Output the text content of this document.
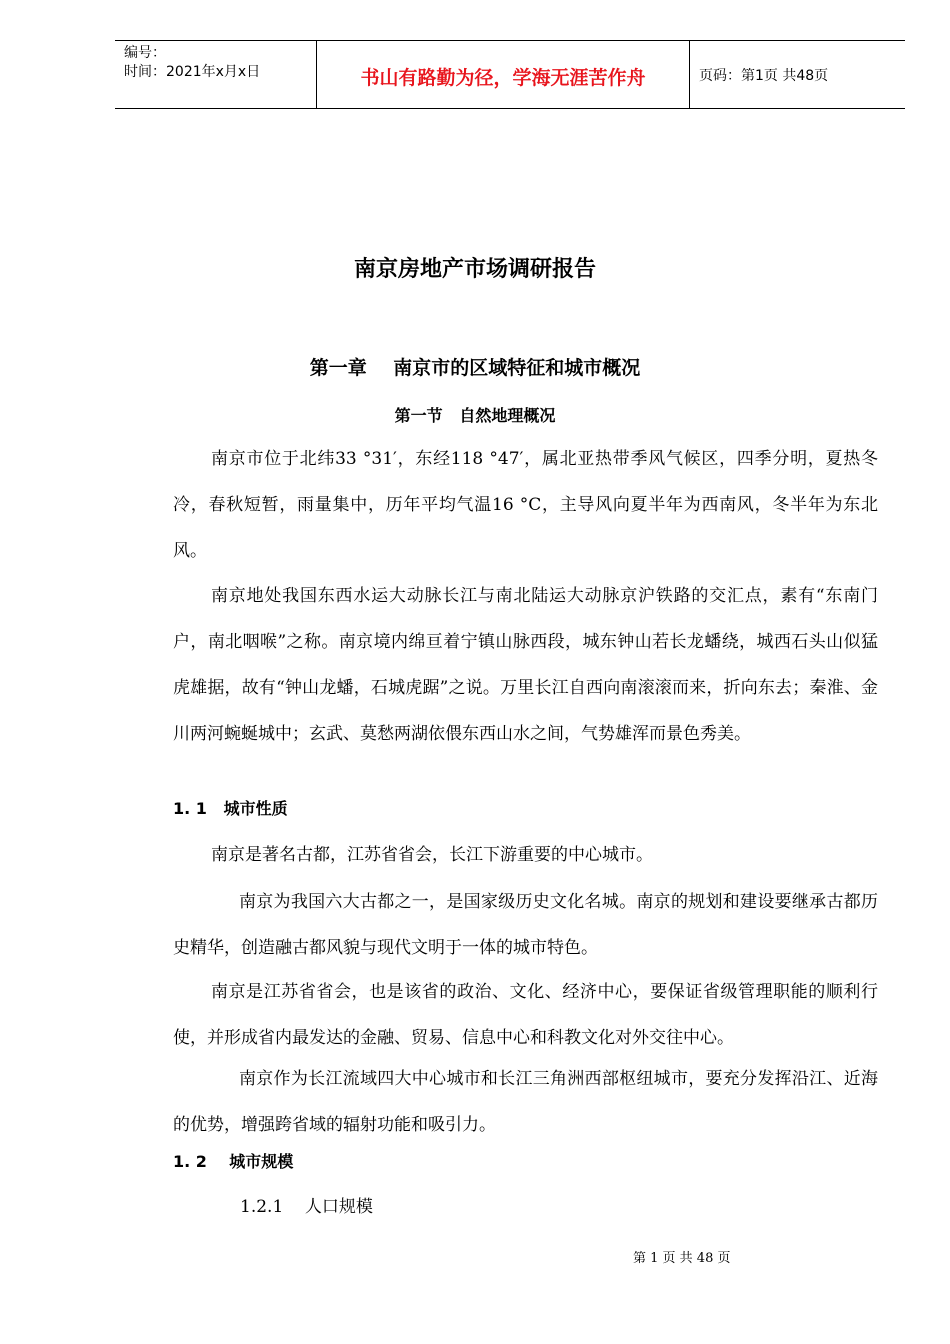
编号：
时间：2021年x月x日	书山有路勤为径，学海无涯苦作舟	页码：第1页 共48页
南京房地产市场调研报告
第一章    南京市的区域特征和城市概况
第一节   自然地理概况

南京市位于北纬33 °31′，东经118 °47′，属北亚热带季风气候区，四季分明，夏热冬冷，春秋短暂，雨量集中，历年平均气温16 °C，主导风向夏半年为西南风，冬半年为东北风。

南京地处我国东西水运大动脉长江与南北陆运大动脉京沪铁路的交汇点，素有“东南门户，南北咽喉”之称。南京境内绵亘着宁镇山脉西段，城东钟山若长龙蟠绕，城西石头山似猛虎雄据，故有“钟山龙蟠，石城虎踞”之说。万里长江自西向南滚滚而来，折向东去；秦淮、金川两河蜿蜒城中；玄武、莫愁两湖依偎东西山水之间，气势雄浑而景色秀美。

1. 1   城市性质

南京是著名古都，江苏省省会，长江下游重要的中心城市。

南京为我国六大古都之一，是国家级历史文化名城。南京的规划和建设要继承古都历史精华，创造融古都风貌与现代文明于一体的城市特色。

南京是江苏省省会，也是该省的政治、文化、经济中心，要保证省级管理职能的顺利行使，并形成省内最发达的金融、贸易、信息中心和科教文化对外交往中心。

南京作为长江流域四大中心城市和长江三角洲西部枢纽城市，要充分发挥沿江、近海的优势，增强跨省域的辐射功能和吸引力。

1. 2    城市规模
1.2.1    人口规模
第 1 页 共 48 页
